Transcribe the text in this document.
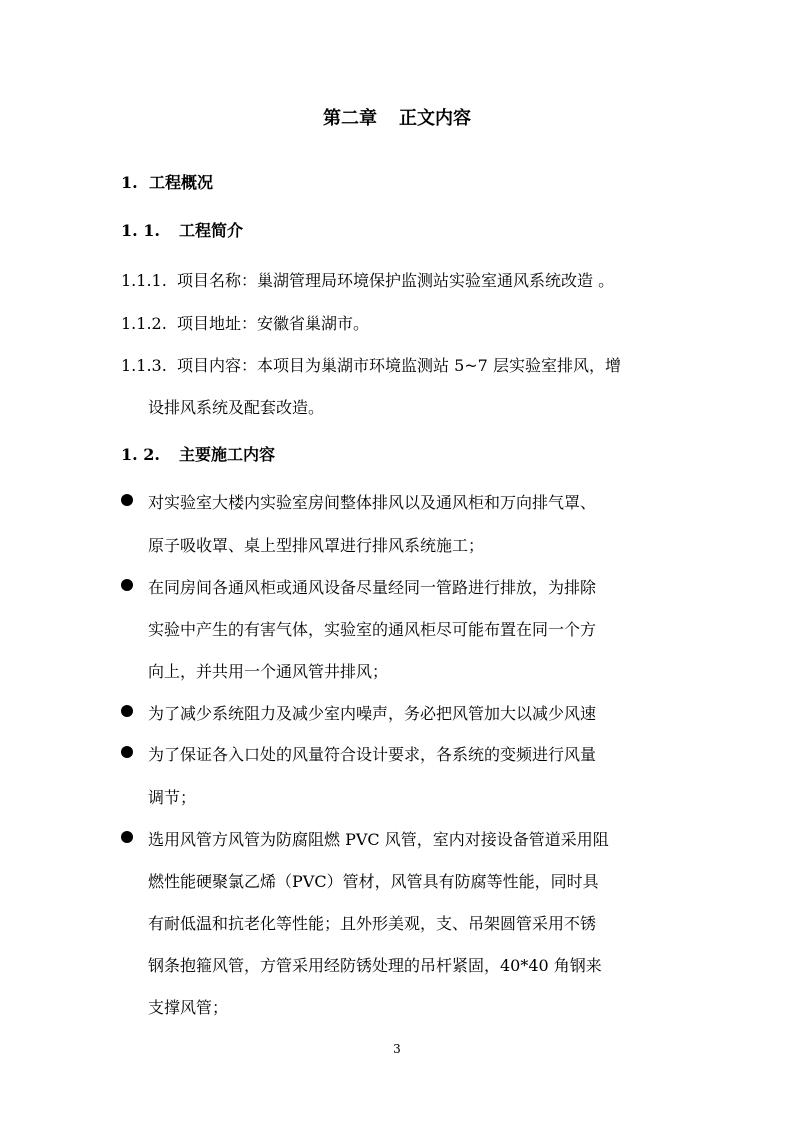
第二章 正文内容
1. 工程概况
1. 1. 工程简介
1.1.1. 项目名称：巢湖管理局环境保护监测站实验室通风系统改造 。
1.1.2. 项目地址：安徽省巢湖市。
1.1.3. 项目内容：本项目为巢湖市环境监测站 5~7 层实验室排风，增
设排风系统及配套改造。
1. 2. 主要施工内容
对实验室大楼内实验室房间整体排风以及通风柜和万向排气罩、
原子吸收罩、桌上型排风罩进行排风系统施工；
在同房间各通风柜或通风设备尽量经同一管路进行排放，为排除
实验中产生的有害气体，实验室的通风柜尽可能布置在同一个方
向上，并共用一个通风管井排风；
为了减少系统阻力及减少室内噪声，务必把风管加大以减少风速
为了保证各入口处的风量符合设计要求，各系统的变频进行风量
调节；
选用风管方风管为防腐阻燃 PVC 风管，室内对接设备管道采用阻
燃性能硬聚氯乙烯（PVC）管材，风管具有防腐等性能，同时具
有耐低温和抗老化等性能；且外形美观，支、吊架圆管采用不锈
钢条抱箍风管，方管采用经防锈处理的吊杆紧固，40*40 角钢来
支撑风管；
3
